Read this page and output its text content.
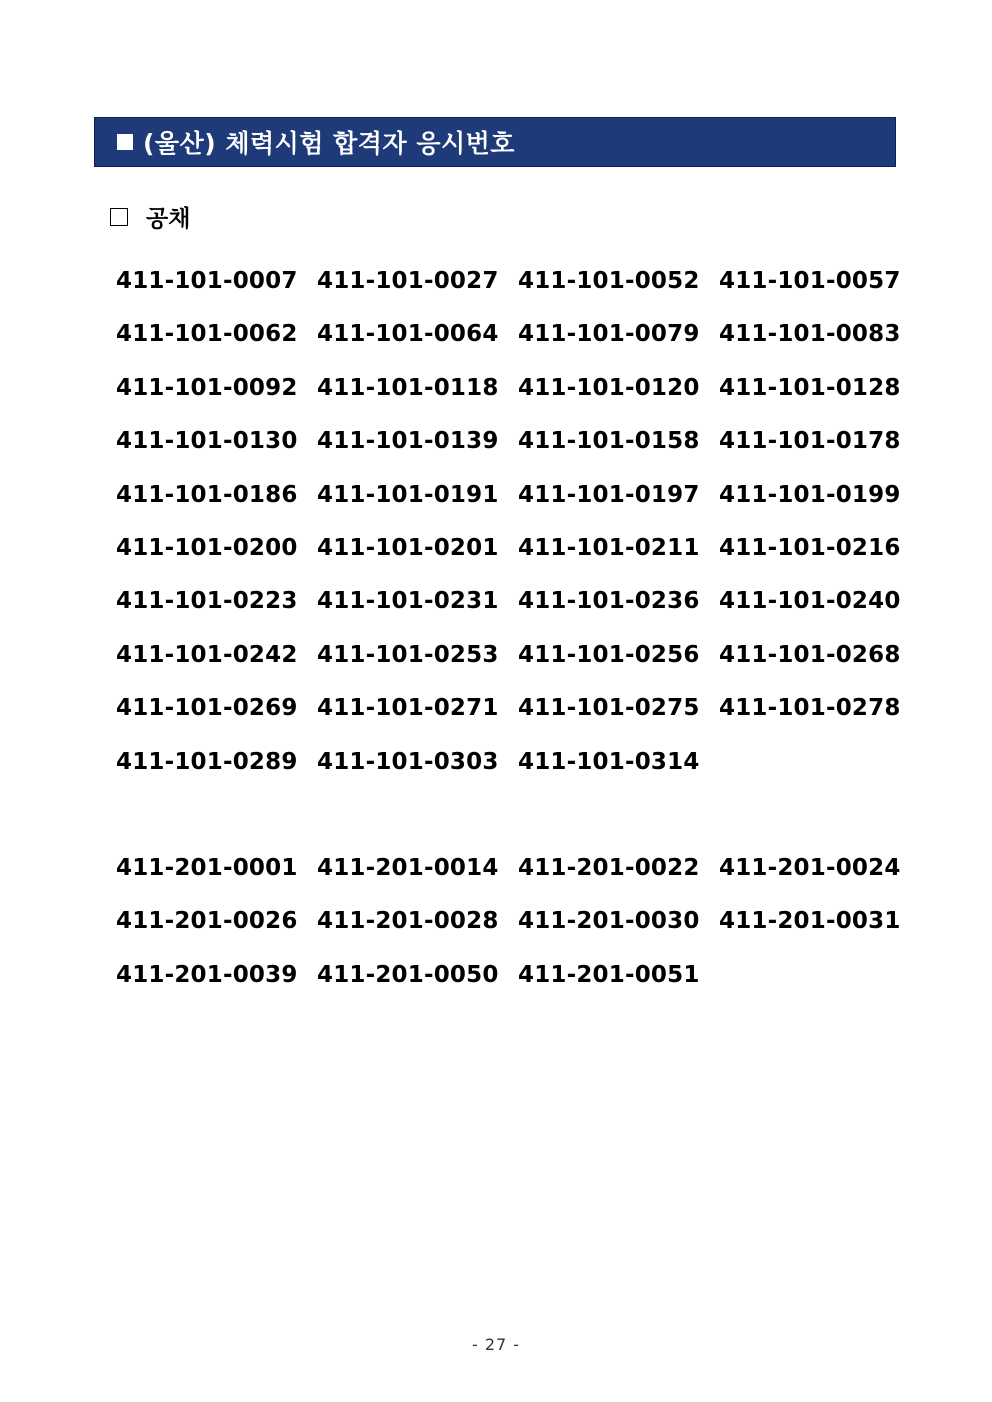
(울산) 체력시험 합격자 응시번호
공채
411-101-0007 411-101-0027 411-101-0052 411-101-0057
411-101-0062 411-101-0064 411-101-0079 411-101-0083
411-101-0092 411-101-0118 411-101-0120 411-101-0128
411-101-0130 411-101-0139 411-101-0158 411-101-0178
411-101-0186 411-101-0191 411-101-0197 411-101-0199
411-101-0200 411-101-0201 411-101-0211 411-101-0216
411-101-0223 411-101-0231 411-101-0236 411-101-0240
411-101-0242 411-101-0253 411-101-0256 411-101-0268
411-101-0269 411-101-0271 411-101-0275 411-101-0278
411-101-0289 411-101-0303 411-101-0314
411-201-0001 411-201-0014 411-201-0022 411-201-0024
411-201-0026 411-201-0028 411-201-0030 411-201-0031
411-201-0039 411-201-0050 411-201-0051
- 27 -
